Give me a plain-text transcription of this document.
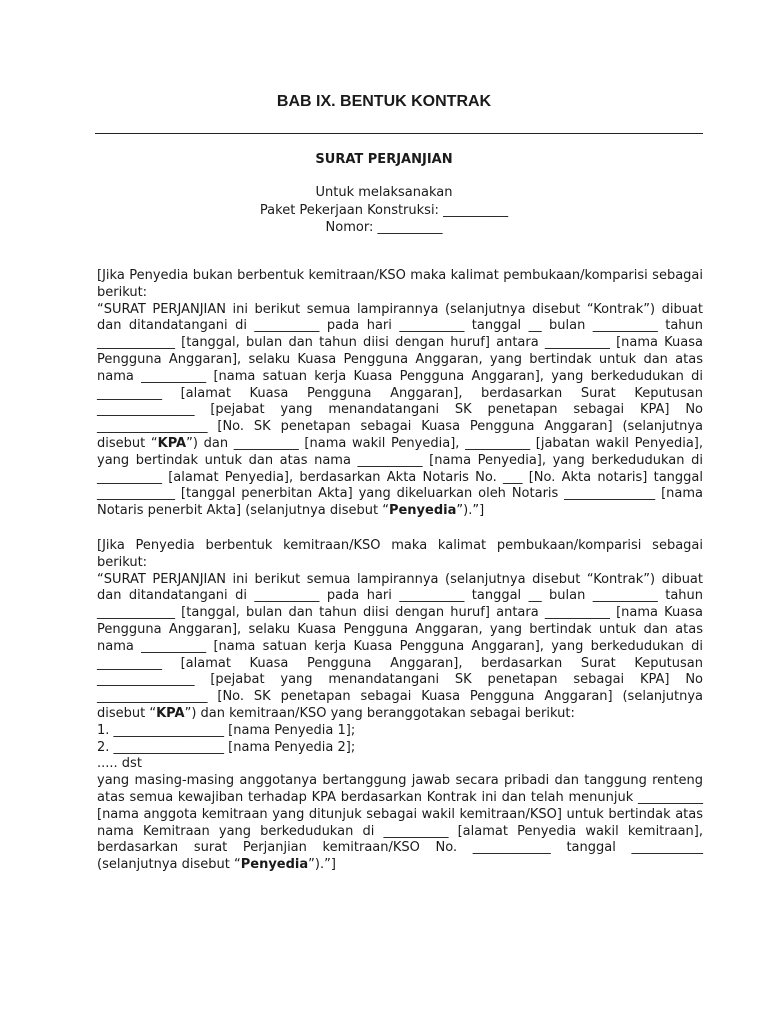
BAB IX. BENTUK KONTRAK
SURAT PERJANJIAN
Untuk melaksanakan
Paket Pekerjaan Konstruksi: __________
Nomor: __________

[Jika Penyedia bukan berbentuk kemitraan/KSO maka kalimat pembukaan/komparisi sebagai berikut:
“SURAT PERJANJIAN ini berikut semua lampirannya (selanjutnya disebut “Kontrak”) dibuat dan ditandatangani di __________ pada hari __________ tanggal __ bulan __________ tahun ____________ [tanggal, bulan dan tahun diisi dengan huruf] antara __________ [nama Kuasa Pengguna Anggaran], selaku Kuasa Pengguna Anggaran, yang bertindak untuk dan atas nama __________ [nama satuan kerja Kuasa Pengguna Anggaran], yang berkedudukan di __________ [alamat Kuasa Pengguna Anggaran], berdasarkan Surat Keputusan _______________ [pejabat yang menandatangani SK penetapan sebagai KPA] No _________________ [No. SK penetapan sebagai Kuasa Pengguna Anggaran] (selanjutnya disebut “KPA”) dan __________ [nama wakil Penyedia], __________ [jabatan wakil Penyedia], yang bertindak untuk dan atas nama __________ [nama Penyedia], yang berkedudukan di __________ [alamat Penyedia], berdasarkan Akta Notaris No. ___ [No. Akta notaris] tanggal ____________ [tanggal penerbitan Akta] yang dikeluarkan oleh Notaris ______________ [nama Notaris penerbit Akta] (selanjutnya disebut “Penyedia”).”]

[Jika Penyedia berbentuk kemitraan/KSO maka kalimat pembukaan/komparisi sebagai berikut:
“SURAT PERJANJIAN ini berikut semua lampirannya (selanjutnya disebut “Kontrak”) dibuat dan ditandatangani di __________ pada hari __________ tanggal __ bulan __________ tahun ____________ [tanggal, bulan dan tahun diisi dengan huruf] antara __________ [nama Kuasa Pengguna Anggaran], selaku Kuasa Pengguna Anggaran, yang bertindak untuk dan atas nama __________ [nama satuan kerja Kuasa Pengguna Anggaran], yang berkedudukan di __________ [alamat Kuasa Pengguna Anggaran], berdasarkan Surat Keputusan _______________ [pejabat yang menandatangani SK penetapan sebagai KPA] No _________________ [No. SK penetapan sebagai Kuasa Pengguna Anggaran] (selanjutnya disebut “KPA”) dan kemitraan/KSO yang beranggotakan sebagai berikut:
1. _________________ [nama Penyedia 1];
2. _________________ [nama Penyedia 2];
..... dst
yang masing-masing anggotanya bertanggung jawab secara pribadi dan tanggung renteng atas semua kewajiban terhadap KPA berdasarkan Kontrak ini dan telah menunjuk __________ [nama anggota kemitraan yang ditunjuk sebagai wakil kemitraan/KSO] untuk bertindak atas nama Kemitraan yang berkedudukan di __________ [alamat Penyedia wakil kemitraan], berdasarkan surat Perjanjian kemitraan/KSO No. ____________ tanggal ___________ (selanjutnya disebut “Penyedia”).”]
